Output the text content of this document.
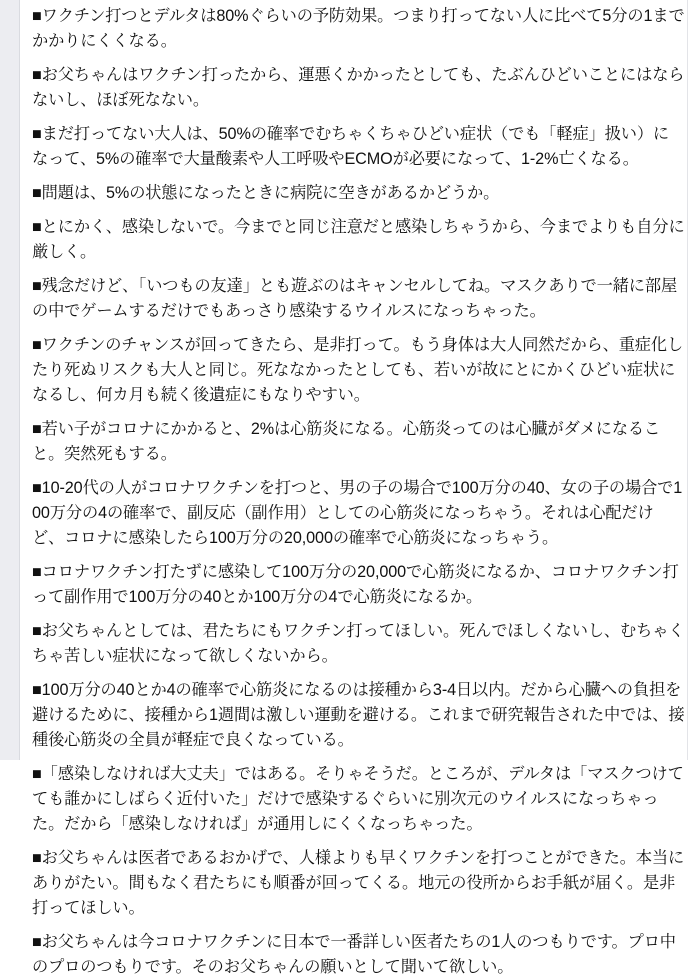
■ワクチン打つとデルタは80%ぐらいの予防効果。つまり打ってない人に比べて5分の1までかかりにくくなる。

■お父ちゃんはワクチン打ったから、運悪くかかったとしても、たぶんひどいことにはならないし、ほぼ死なない。

■まだ打ってない大人は、50%の確率でむちゃくちゃひどい症状（でも「軽症」扱い）になって、5%の確率で大量酸素や人工呼吸やECMOが必要になって、1-2%亡くなる。

■問題は、5%の状態になったときに病院に空きがあるかどうか。

■とにかく、感染しないで。今までと同じ注意だと感染しちゃうから、今までよりも自分に厳しく。

■残念だけど、「いつもの友達」とも遊ぶのはキャンセルしてね。マスクありで一緒に部屋の中でゲームするだけでもあっさり感染するウイルスになっちゃった。

■ワクチンのチャンスが回ってきたら、是非打って。もう身体は大人同然だから、重症化したり死ぬリスクも大人と同じ。死ななかったとしても、若いが故にとにかくひどい症状になるし、何カ月も続く後遺症にもなりやすい。

■若い子がコロナにかかると、2%は心筋炎になる。心筋炎ってのは心臓がダメになること。突然死もする。

■10-20代の人がコロナワクチンを打つと、男の子の場合で100万分の40、女の子の場合で100万分の4の確率で、副反応（副作用）としての心筋炎になっちゃう。それは心配だけど、コロナに感染したら100万分の20,000の確率で心筋炎になっちゃう。

■コロナワクチン打たずに感染して100万分の20,000で心筋炎になるか、コロナワクチン打って副作用で100万分の40とか100万分の4で心筋炎になるか。

■お父ちゃんとしては、君たちにもワクチン打ってほしい。死んでほしくないし、むちゃくちゃ苦しい症状になって欲しくないから。

■100万分の40とか4の確率で心筋炎になるのは接種から3-4日以内。だから心臓への負担を避けるために、接種から1週間は激しい運動を避ける。これまで研究報告された中では、接種後心筋炎の全員が軽症で良くなっている。

■「感染しなければ大丈夫」ではある。そりゃそうだ。ところが、デルタは「マスクつけてても誰かにしばらく近付いた」だけで感染するぐらいに別次元のウイルスになっちゃった。だから「感染しなければ」が通用しにくくなっちゃった。

■お父ちゃんは医者であるおかげで、人様よりも早くワクチンを打つことができた。本当にありがたい。間もなく君たちにも順番が回ってくる。地元の役所からお手紙が届く。是非打ってほしい。

■お父ちゃんは今コロナワクチンに日本で一番詳しい医者たちの1人のつもりです。プロ中のプロのつもりです。そのお父ちゃんの願いとして聞いて欲しい。
